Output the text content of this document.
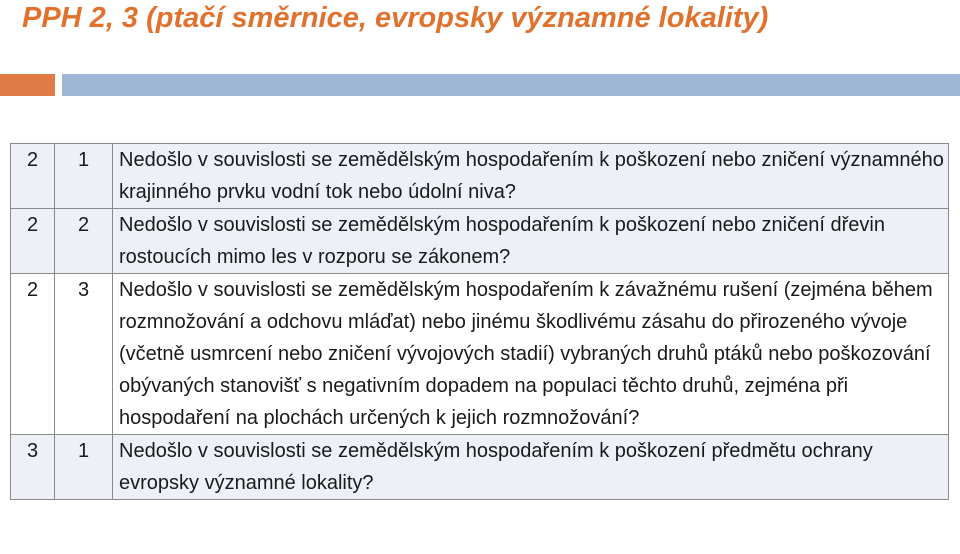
PPH 2, 3 (ptačí směrnice, evropsky významné lokality)
2	1	Nedošlo v souvislosti se zemědělským hospodařením k poškození nebo zničení významného krajinného prvku vodní tok nebo údolní niva?

2	2	Nedošlo v souvislosti se zemědělským hospodařením k poškození nebo zničení dřevin rostoucích mimo les v rozporu se zákonem?

2	3	Nedošlo v souvislosti se zemědělským hospodařením k závažnému rušení (zejména během rozmnožování a odchovu mláďat) nebo jinému škodlivému zásahu do přirozeného vývoje (včetně usmrcení nebo zničení vývojových stadií) vybraných druhů ptáků nebo poškozování obývaných stanovišť s negativním dopadem na populaci těchto druhů, zejména při hospodaření na plochách určených k jejich rozmnožování?

3	1	Nedošlo v souvislosti se zemědělským hospodařením k poškození předmětu ochrany evropsky významné lokality?
